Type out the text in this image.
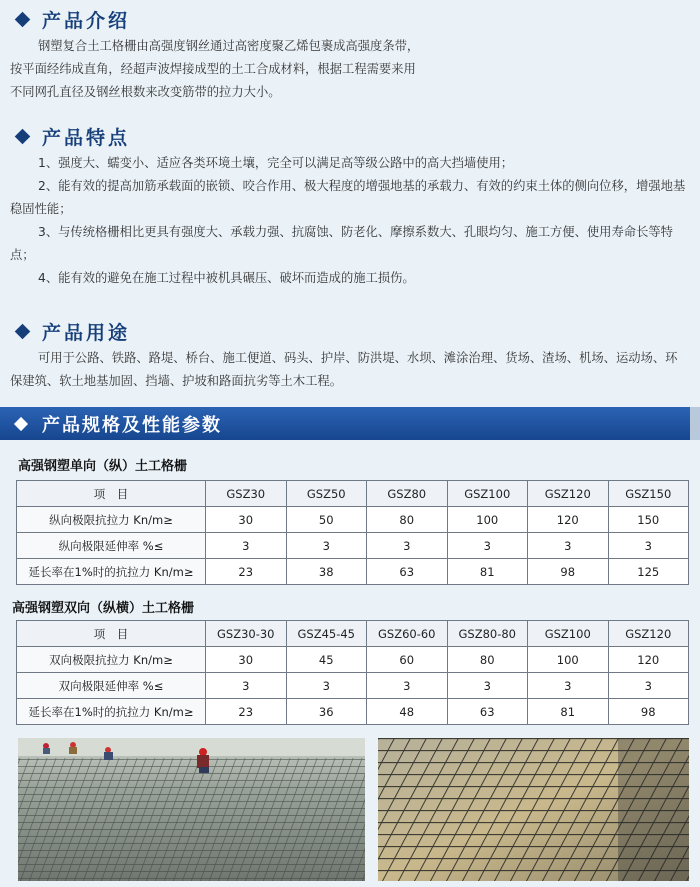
产品介绍

钢塑复合土工格栅由高强度钢丝通过高密度聚乙烯包裹成高强度条带，

按平面经纬成直角，经超声波焊接成型的土工合成材料，根据工程需要来用

不同网孔直径及钢丝根数来改变筋带的拉力大小。

产品特点

1、强度大、蠕变小、适应各类环境土壤，完全可以满足高等级公路中的高大挡墙使用；

2、能有效的提高加筋承载面的嵌锁、咬合作用、极大程度的增强地基的承载力、有效的约束土体的侧向位移，增强地基稳固性能；

3、与传统格栅相比更具有强度大、承载力强、抗腐蚀、防老化、摩擦系数大、孔眼均匀、施工方便、使用寿命长等特点；

4、能有效的避免在施工过程中被机具碾压、破坏而造成的施工损伤。

产品用途

可用于公路、铁路、路堤、桥台、施工便道、码头、护岸、防洪堤、水坝、滩涂治理、货场、渣场、机场、运动场、环保建筑、软土地基加固、挡墙、护坡和路面抗劣等土木工程。

产品规格及性能参数
高强钢塑单向（纵）土工格栅
项　目	GSZ30	GSZ50	GSZ80	GSZ100	GSZ120	GSZ150
纵向极限抗拉力 Kn/m≥	30	50	80	100	120	150
纵向极限延伸率 %≤	3	3	3	3	3	3
延长率在1%时的抗拉力 Kn/m≥	23	38	63	81	98	125
高强钢塑双向（纵横）土工格栅
项　目	GSZ30-30	GSZ45-45	GSZ60-60	GSZ80-80	GSZ100	GSZ120
双向极限抗拉力 Kn/m≥	30	45	60	80	100	120
双向极限延伸率 %≤	3	3	3	3	3	3
延长率在1%时的抗拉力 Kn/m≥	23	36	48	63	81	98
